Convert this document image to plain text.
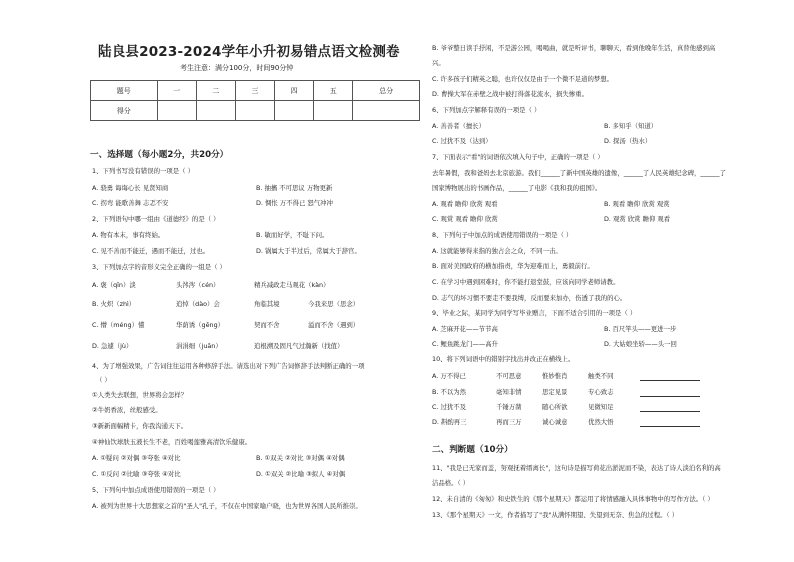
陆良县2023-2024学年小升初易错点语文检测卷
考生注意：满分100分，时间90分钟
题号	一	二	三	四	五	总分
得分						
一、选择题（每小题2分，共20分）
1、下列书写没有错误的一项是（ ）
A. 骁勇 诲诲心长 见贤知商	B. 抽搐 不可思议 万物更新
C. 拐弯 能歌善舞 志忑不安	D. 惆怅 万不得已 怒气冲冲
2、下列语句中哪一组由《道德经》的是（ ）
A. 物有本末，事有终始。	B. 敏而好学，不耻下问。
C. 见不善而不能迁，遇而不能迁，过也。	D. 锅属大于半过后，常属大于辞官。
3、下列加点字的音形义完全正确的一组是（ ）
A. 褒（qīn）淡	头涔涔（cén）	精兵减政走马观花（kàn）
B. 火炽（zhì）	追悼（dào）会	角临其境	今我来思（思念）
C. 懵（méng）懂	华荫诱（gēng）	契而不舍	溢而不舍（遇到）
D. 急遽（jù）	涓涓细（juān）	追根溯及固凡气过瀚新（找值）
4、为了增强效果，广告词往往运用各种修辞手法。请选出对下列广告词修辞手法判断正确的一项
（ ）
①人类失去联想，世界将会怎样？
②牛奶香浓，丝般感受。
③新新面幅精卡，你我沟通天下。
④神仙饮球肤玉液长生不老，百姓喝莲雅高清饮乐健康。
A. ①疑问 ②对偶 ③夸张 ④对比	B. ①双关 ②对比 ③对偶 ④对偶
C. ①反问 ②比喻 ③夸张 ④对比	D. ①双关 ②比喻 ③拟人 ④对偶
5、下列句中加点成语使用错误的一项是（ ）
A. 被列为世界十大思想家之首的"圣人"孔子，不仅在中国家喻户晓，也为世界各国人民所推崇。
B. 爷爷整日读手抒闲，不是游公园，喝喝曲，就是听评书，聊聊天，看到他晚年生活，真替他感到高
兴。
C. 许多孩子们精英之聪，也许仅仅是由于一个微不足道的梦想。
D. 曹操大军在赤壁之战中被打得落花流水，损失惨重。
6、下列加点字解释有误的一项是（ ）
A. 善善者（擅长）	B. 多知乎（知道）
C. 过犹不及（达到）	D. 探汤（热水）
7、下面表示"看"的词语依次填入句子中，正确的一项是（ ）
去年暑假，我和爸妈去北京旅游。我们______了新中国英雄的遗像，______了人民英雄纪念碑，______了
国家博物展出的书画作品，______了电影《我和我的祖国》。
A. 观看 瞻仰 欣赏 观看	B. 观看 瞻仰 欣赏 观赏
C. 观赏 观看 瞻仰 欣赏	D. 观赏 欣赏 瞻仰 观看
8、下列句子中加点的成语使用错误的一项是（ ）
A. 这就能够得来指的独占会之众，不同一击。
B. 面对美国政府的横加指责，华为迎难而上，勇毅前行。
C. 在学习中遇到困难时，你不能打退堂鼓，应该向同学老师请教。
D. 志气的坏习惯不要走不要我缚，反而要来加办，伤透了我的的心。
9、毕业之际，某同学为同学写毕业赠言，下面不适合引用的一项是（ ）
A. 芝麻开花——节节高	B. 百尺竿头——更进一步
C. 鲤鱼跳龙门——高升	D. 大姑娘坐轿——头一回
10、将下列词语中的错别字找出并改正在横线上。
A. 万不得已	不可思意	惟妙惟肖	触类不同
B. 不以为然	毫知非情	思定见景	专心致志
C. 过犹不及	千锤万凿	随心所欲	见微知足
D. 斟酌再三	再而三万	诚心诚意	优然大悟
二、判断题（10分）
11、"我是已无家而盖，努观抚着缙离长"，这句诗是描写荷花出淤泥而不染，表达了诗人淡泊名利的高
洁品格。（ ）
12、未自清的《匆匆》和史铁生的《那个星期天》都运用了将情感融入具体事物中的写作方法。（ ）
13、《那个星期天》一文，作者描写了"我"从满怀期望、失望到无奈、焦急的过程。（ ）
